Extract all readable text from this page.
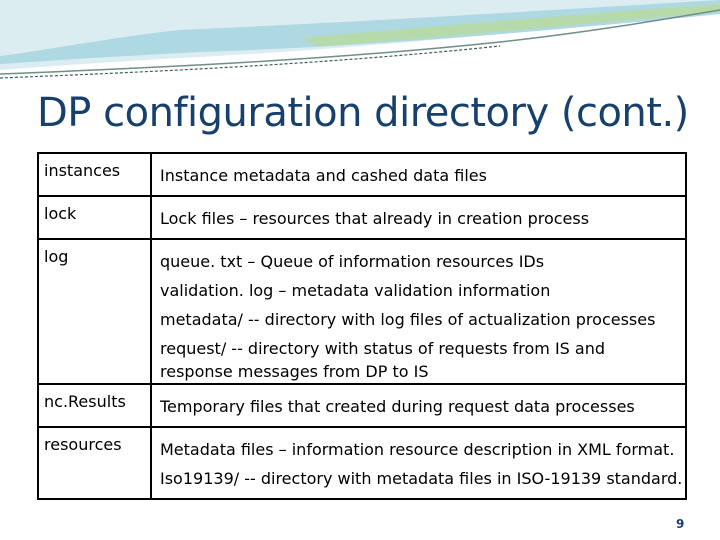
DP configuration directory (cont.)
instances	Instance metadata and cashed data files

lock	Lock files – resources that already in creation process

log	queue. txt – Queue of information resources IDs
validation. log – metadata validation information
metadata/ -- directory with log files of actualization processes
request/ -- directory with status of requests from IS and response messages from DP to IS

nc.Results	Temporary files that created during request data processes

resources	Metadata files – information resource description in XML format.
Iso19139/ -- directory with metadata files in ISO-19139 standard.
9
